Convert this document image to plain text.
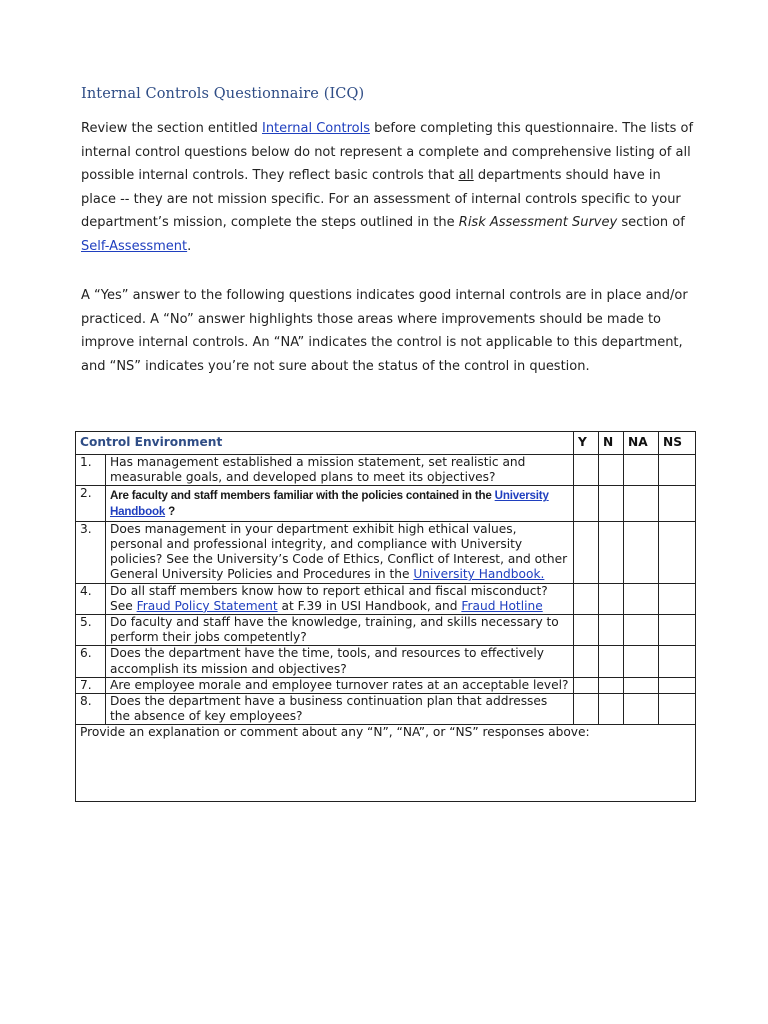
Internal Controls Questionnaire (ICQ)
Review the section entitled Internal Controls before completing this questionnaire. The lists of internal control questions below do not represent a complete and comprehensive listing of all possible internal controls. They reflect basic controls that all departments should have in place -- they are not mission specific. For an assessment of internal controls specific to your department’s mission, complete the steps outlined in the Risk Assessment Survey section of Self-Assessment.
A “Yes” answer to the following questions indicates good internal controls are in place and/or practiced. A “No” answer highlights those areas where improvements should be made to improve internal controls. An “NA” indicates the control is not applicable to this department, and “NS” indicates you’re not sure about the status of the control in question.
Control Environment		Y	N	NA	NS
1.	Has management established a mission statement, set realistic and measurable goals, and developed plans to meet its objectives?				
2.	Are faculty and staff members familiar with the policies contained in the University Handbook ?				
3.	Does management in your department exhibit high ethical values, personal and professional integrity, and compliance with University policies? See the University’s Code of Ethics, Conflict of Interest, and other General University Policies and Procedures in the University Handbook.				
4.	Do all staff members know how to report ethical and fiscal misconduct? See Fraud Policy Statement at F.39 in USI Handbook, and Fraud Hotline				
5.	Do faculty and staff have the knowledge, training, and skills necessary to perform their jobs competently?				
6.	Does the department have the time, tools, and resources to effectively accomplish its mission and objectives?				
7.	Are employee morale and employee turnover rates at an acceptable level?				
8.	Does the department have a business continuation plan that addresses the absence of key employees?				
Provide an explanation or comment about any “N”, “NA”, or “NS” responses above:					
